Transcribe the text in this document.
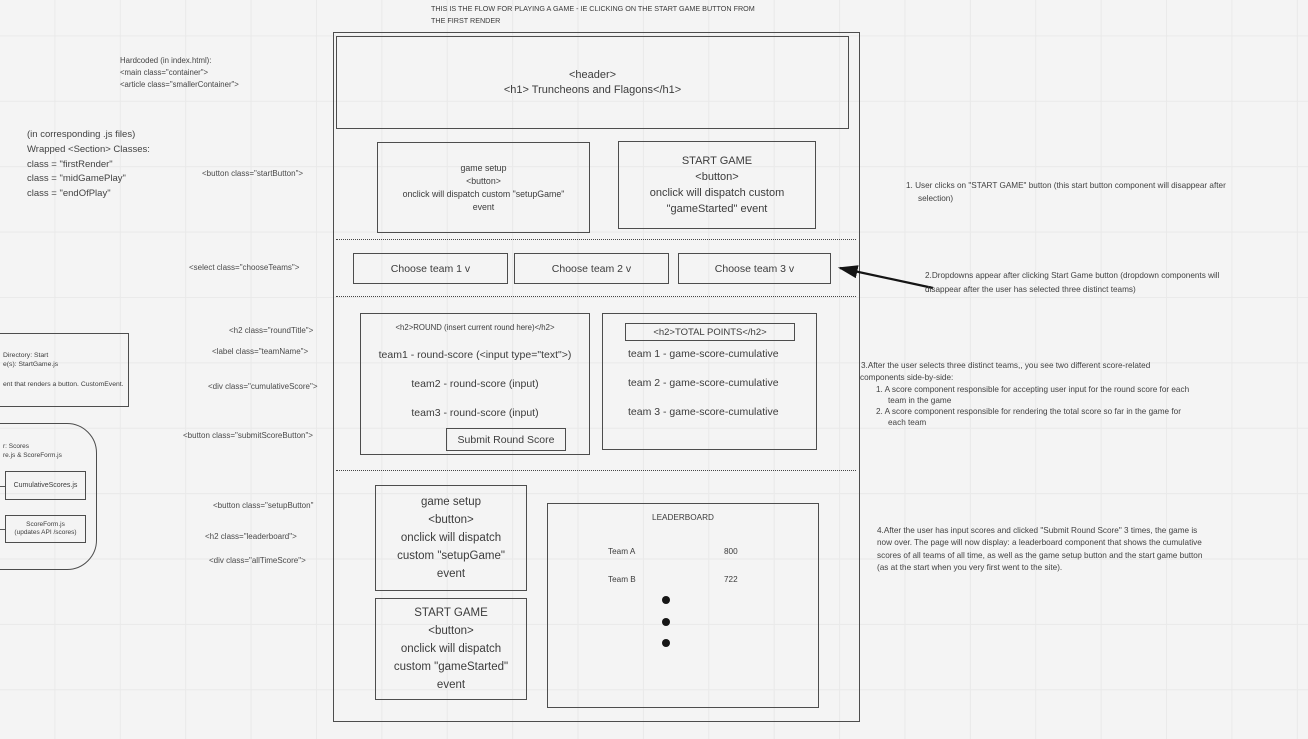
THIS IS THE FLOW FOR PLAYING A GAME - IE CLICKING ON THE START GAME BUTTON FROM
THE FIRST RENDER
Hardcoded (in index.html):
<main class="container">
<article class="smallerContainer">
(in corresponding .js files)
Wrapped <Section> Classes:
class = "firstRender"
class = "midGamePlay"
class = "endOfPlay"
<button class="startButton">
<select class="chooseTeams">
<h2 class="roundTitle">
<label class="teamName">
<div class="cumulativeScore">
<button class="submitScoreButton">
<button class="setupButton"
<h2 class="leaderboard">
<div class="allTimeScore">
Directory: Start
e(s): StartGame.js
ent that renders a button. CustomEvent.
r: Scores
re.js & ScoreForm.js
CumulativeScores.js
ScoreForm.js
(updates API /scores)
<header>
<h1> Truncheons and Flagons</h1>
game setup
<button>
onclick will dispatch custom "setupGame"
event
START GAME
<button>
onclick will dispatch custom
"gameStarted" event
Choose team 1 v	Choose team 2 v	Choose team 3 v
<h2>ROUND (insert current round here)</h2>
team1 - round-score (<input type="text">)
team2 - round-score (input)
team3 - round-score (input)
Submit Round Score
<h2>TOTAL POINTS</h2>
team 1 - game-score-cumulative
team 2 - game-score-cumulative
team 3 - game-score-cumulative
game setup
<button>
onclick will dispatch
custom "setupGame"
event
START GAME
<button>
onclick will dispatch
custom "gameStarted"
event
LEADERBOARD
Team A	800
Team B	722
1. User clicks on "START GAME" button (this start button component will disappear after
selection)
2.Dropdowns appear after clicking Start Game button (dropdown components will
disappear after the user has selected three distinct teams)
3.After the user selects three distinct teams,, you see two different score-related
components side-by-side:
1. A score component responsible for accepting user input for the round score for each
team in the game
2. A score component responsible for rendering the total score so far in the game for
each team
4.After the user has input scores and clicked "Submit Round Score" 3 times, the game is
now over. The page will now display: a leaderboard component that shows the cumulative
scores of all teams of all time, as well as the game setup button and the start game button
(as at the start when you very first went to the site).
